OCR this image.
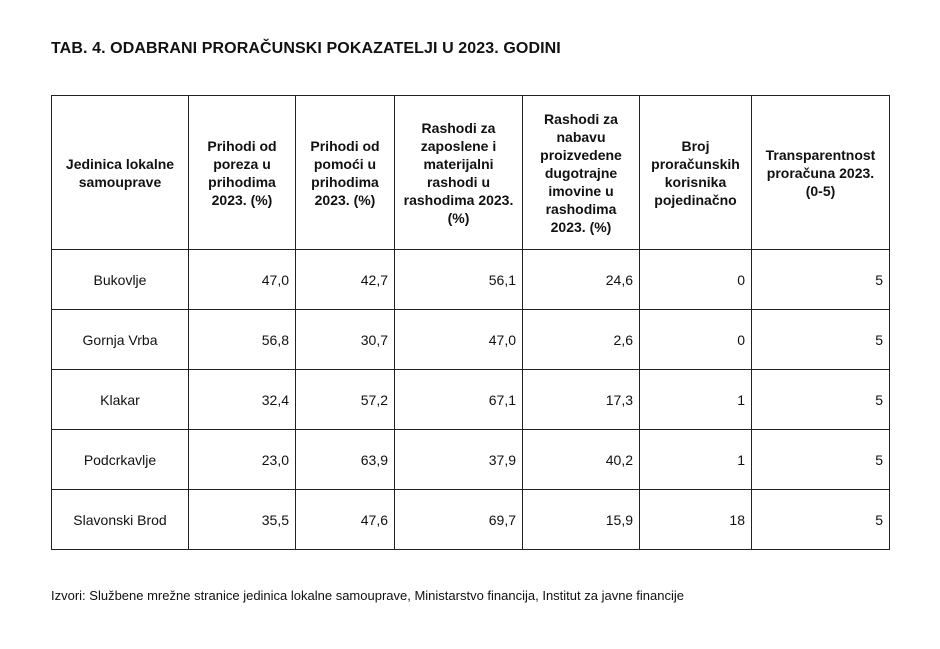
TAB. 4. ODABRANI PRORAČUNSKI POKAZATELJI U 2023. GODINI
Jedinica lokalne samouprave	Prihodi od poreza u prihodima 2023. (%)	Prihodi od pomoći u prihodima 2023. (%)	Rashodi za zaposlene i materijalni rashodi u rashodima 2023. (%)	Rashodi za nabavu proizvedene dugotrajne imovine u rashodima 2023. (%)	Broj proračunskih korisnika pojedinačno	Transparentnost proračuna 2023. (0-5)
Bukovlje	47,0	42,7	56,1	24,6	0	5
Gornja Vrba	56,8	30,7	47,0	2,6	0	5
Klakar	32,4	57,2	67,1	17,3	1	5
Podcrkavlje	23,0	63,9	37,9	40,2	1	5
Slavonski Brod	35,5	47,6	69,7	15,9	18	5

Izvori: Službene mrežne stranice jedinica lokalne samouprave, Ministarstvo financija, Institut za javne financije
